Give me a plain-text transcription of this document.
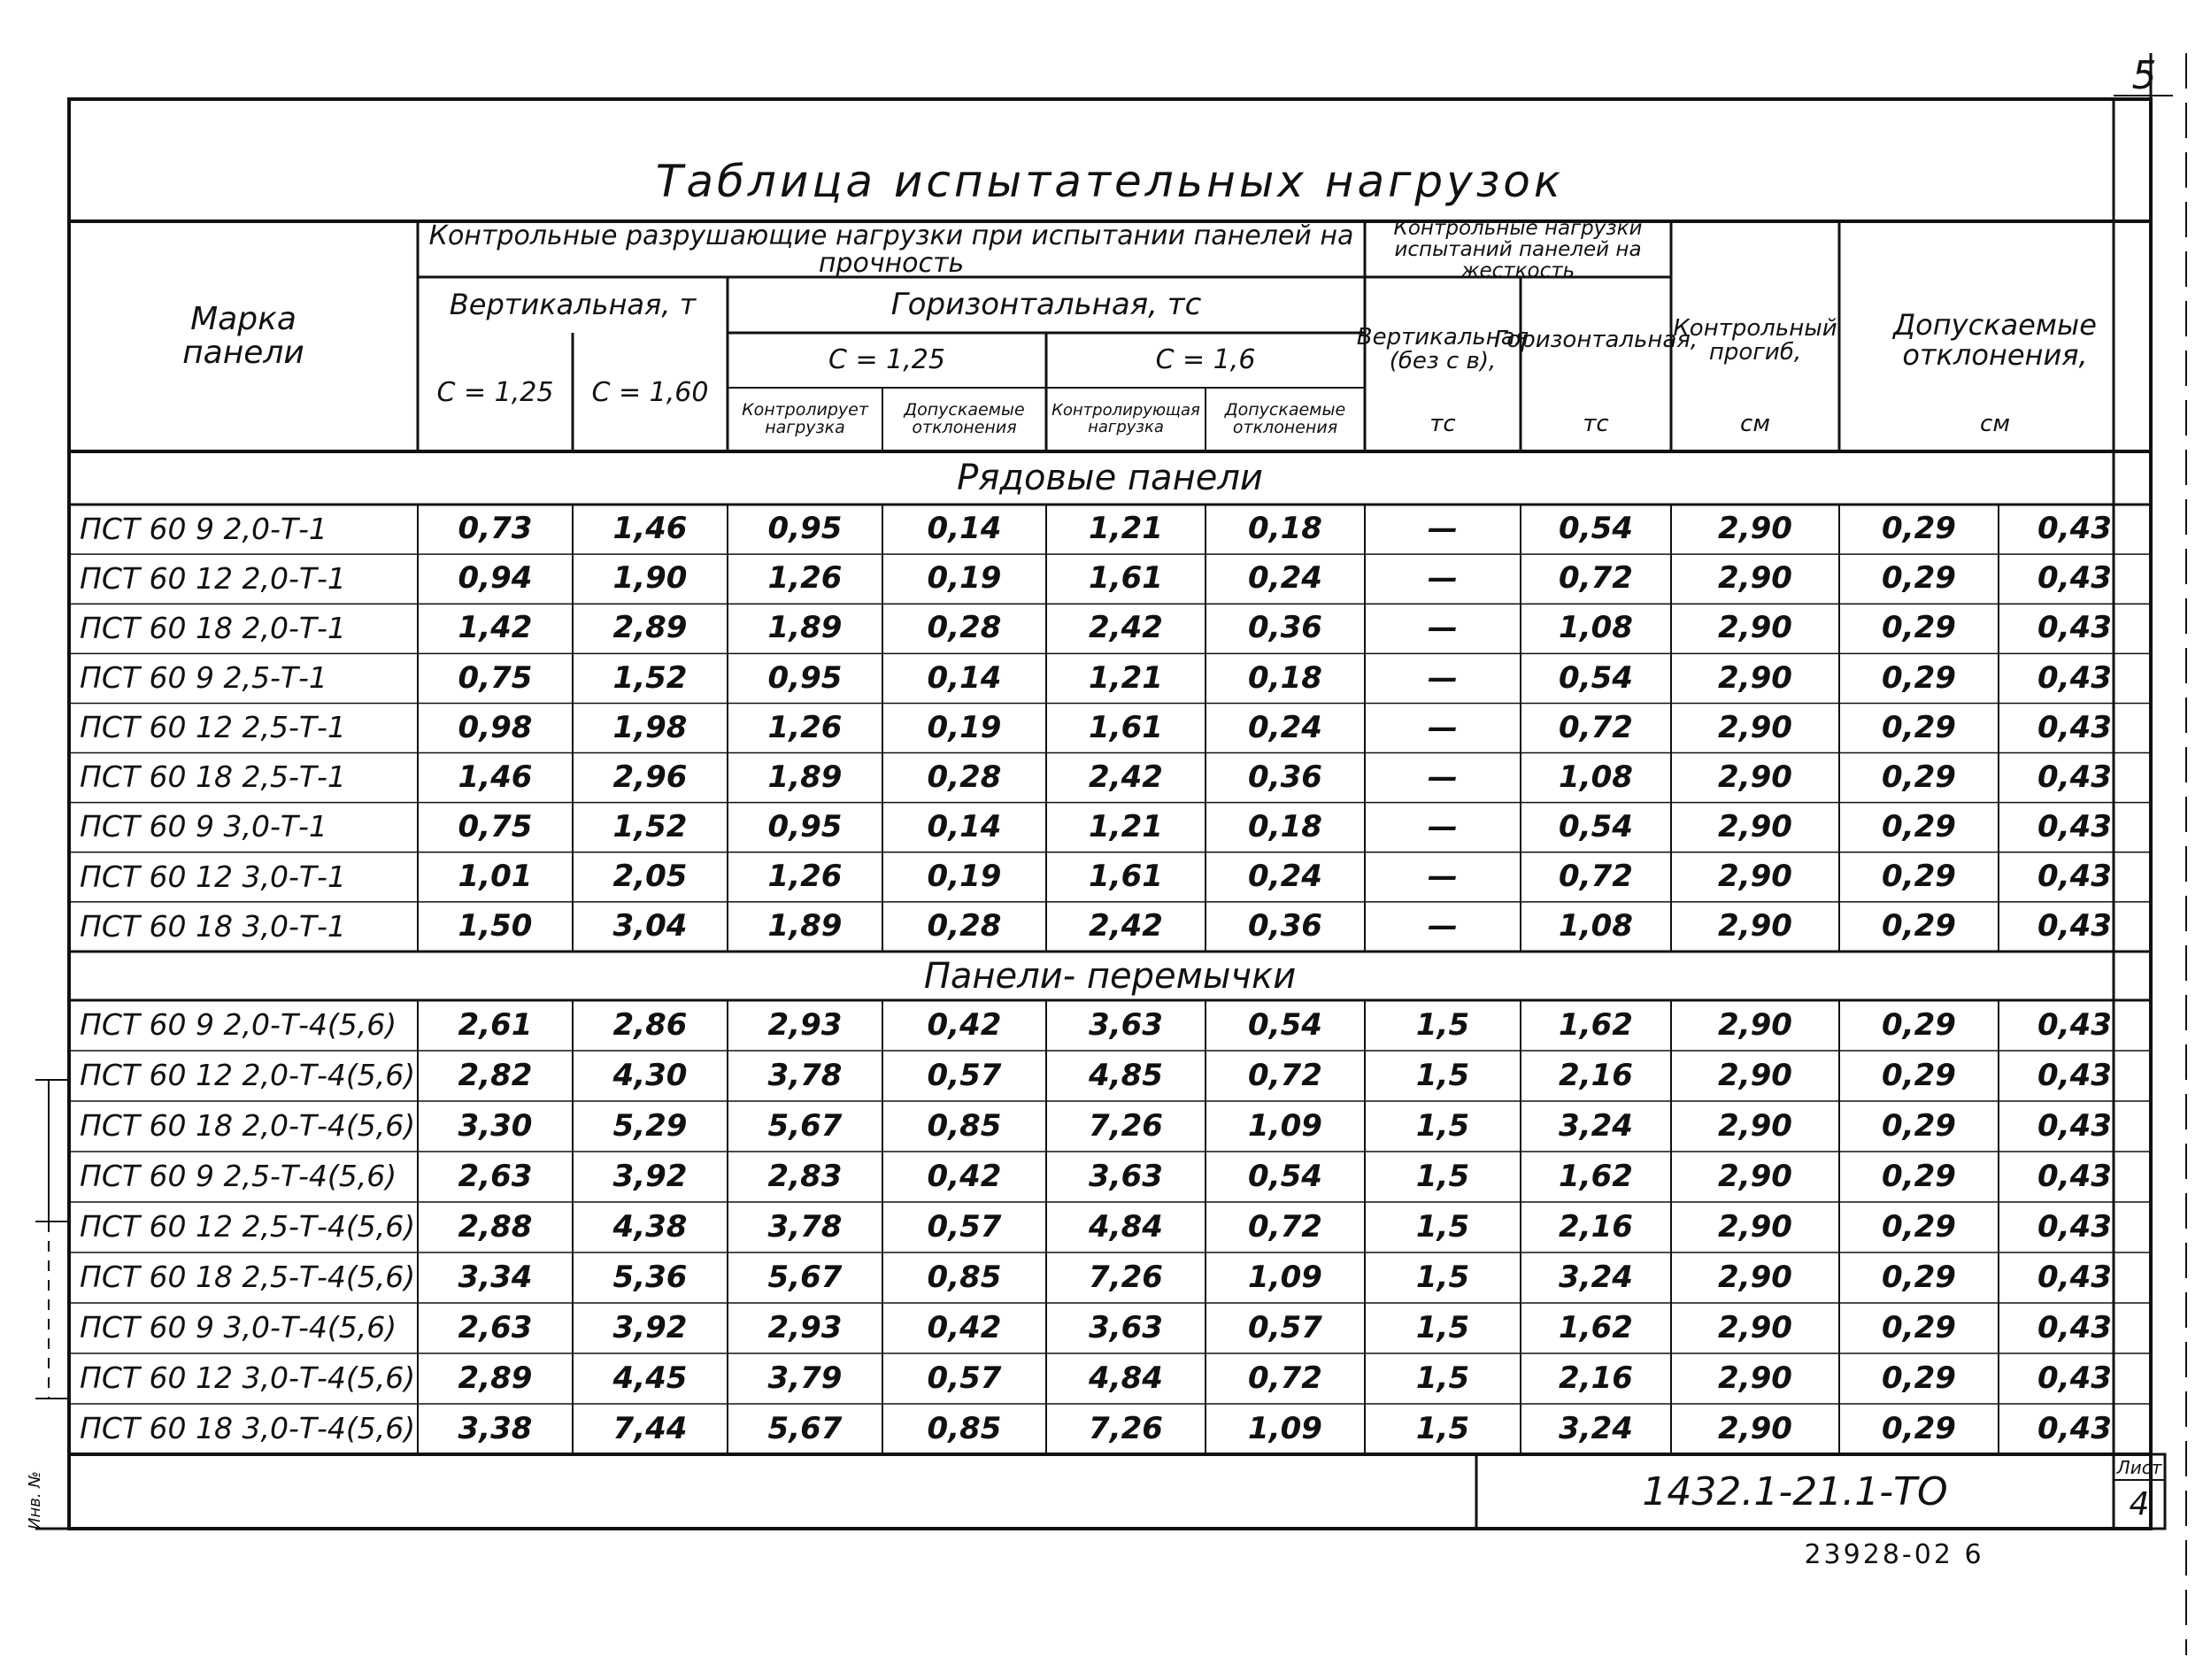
5
Таблица испытательных нагрузок
Марка панели
Контрольные разрушающие нагрузки при испытании панелей на прочность
Контрольные нагрузки испытаний панелей на жесткость
Вертикальная, т	Горизонтальная, тс
С = 1,25	С = 1,60
С = 1,25	С = 1,6
Контролирует нагрузка
Допускаемые отклонения
Контролирующая нагрузка
Допускаемые отклонения
Вертикальная (без с в),
тс
Горизонтальная,
тс
Контрольный прогиб,
см
Допускаемые отклонения,
см
Рядовые панели
Панели- перемычки
ПСТ 60 9 2,0-Т-1	0,73	1,46	0,95	0,14	1,21	0,18	—	0,54	2,90	0,29	0,43
ПСТ 60 12 2,0-Т-1	0,94	1,90	1,26	0,19	1,61	0,24	—	0,72	2,90	0,29	0,43
ПСТ 60 18 2,0-Т-1	1,42	2,89	1,89	0,28	2,42	0,36	—	1,08	2,90	0,29	0,43
ПСТ 60 9 2,5-Т-1	0,75	1,52	0,95	0,14	1,21	0,18	—	0,54	2,90	0,29	0,43
ПСТ 60 12 2,5-Т-1	0,98	1,98	1,26	0,19	1,61	0,24	—	0,72	2,90	0,29	0,43
ПСТ 60 18 2,5-Т-1	1,46	2,96	1,89	0,28	2,42	0,36	—	1,08	2,90	0,29	0,43
ПСТ 60 9 3,0-Т-1	0,75	1,52	0,95	0,14	1,21	0,18	—	0,54	2,90	0,29	0,43
ПСТ 60 12 3,0-Т-1	1,01	2,05	1,26	0,19	1,61	0,24	—	0,72	2,90	0,29	0,43
ПСТ 60 18 3,0-Т-1	1,50	3,04	1,89	0,28	2,42	0,36	—	1,08	2,90	0,29	0,43
ПСТ 60 9 2,0-Т-4(5,6)	2,61	2,86	2,93	0,42	3,63	0,54	1,5	1,62	2,90	0,29	0,43
ПСТ 60 12 2,0-Т-4(5,6)	2,82	4,30	3,78	0,57	4,85	0,72	1,5	2,16	2,90	0,29	0,43
ПСТ 60 18 2,0-Т-4(5,6)	3,30	5,29	5,67	0,85	7,26	1,09	1,5	3,24	2,90	0,29	0,43
ПСТ 60 9 2,5-Т-4(5,6)	2,63	3,92	2,83	0,42	3,63	0,54	1,5	1,62	2,90	0,29	0,43
ПСТ 60 12 2,5-Т-4(5,6)	2,88	4,38	3,78	0,57	4,84	0,72	1,5	2,16	2,90	0,29	0,43
ПСТ 60 18 2,5-Т-4(5,6)	3,34	5,36	5,67	0,85	7,26	1,09	1,5	3,24	2,90	0,29	0,43
ПСТ 60 9 3,0-Т-4(5,6)	2,63	3,92	2,93	0,42	3,63	0,57	1,5	1,62	2,90	0,29	0,43
ПСТ 60 12 3,0-Т-4(5,6)	2,89	4,45	3,79	0,57	4,84	0,72	1,5	2,16	2,90	0,29	0,43
ПСТ 60 18 3,0-Т-4(5,6)	3,38	7,44	5,67	0,85	7,26	1,09	1,5	3,24	2,90	0,29	0,43
1432.1-21.1-ТО
Лист
4
23928-02 6
Инв. №
